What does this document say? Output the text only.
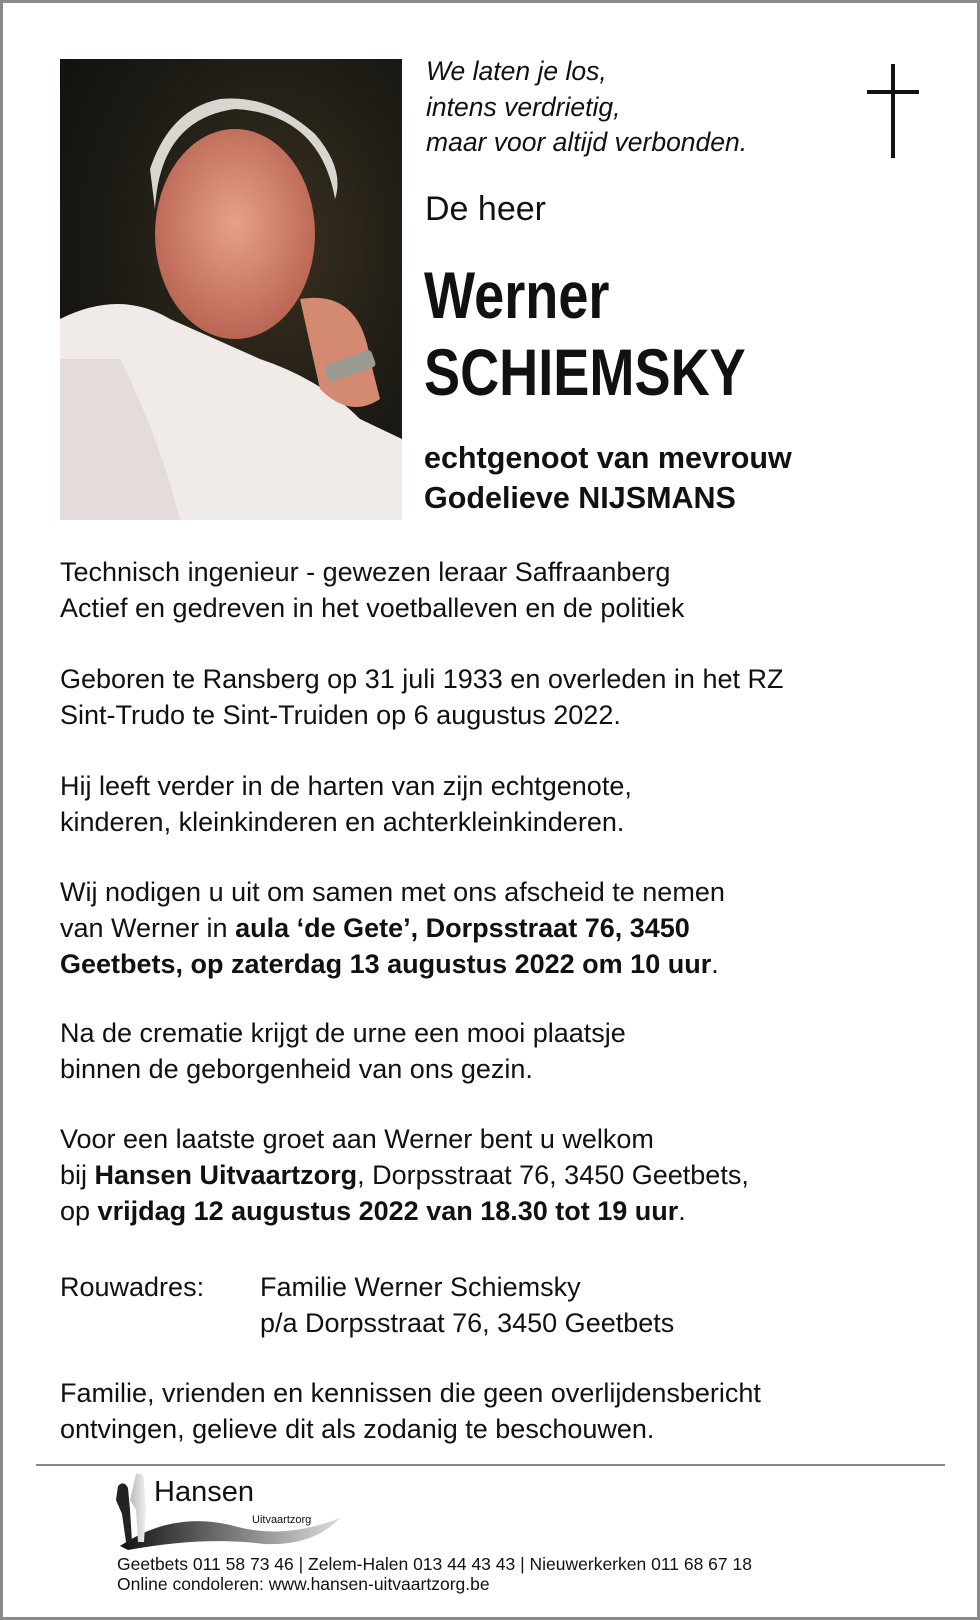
We laten je los,
intens verdrietig,
maar voor altijd verbonden.
De heer
Werner
SCHIEMSKY
echtgenoot van mevrouw
Godelieve NIJSMANS
Technisch ingenieur - gewezen leraar Saffraanberg
Actief en gedreven in het voetballeven en de politiek
Geboren te Ransberg op 31 juli 1933 en overleden in het RZ
Sint-Trudo te Sint-Truiden op 6 augustus 2022.
Hij leeft verder in de harten van zijn echtgenote,
kinderen, kleinkinderen en achterkleinkinderen.
Wij nodigen u uit om samen met ons afscheid te nemen
van Werner in aula ‘de Gete’, Dorpsstraat 76, 3450
Geetbets, op zaterdag 13 augustus 2022 om 10 uur.
Na de crematie krijgt de urne een mooi plaatsje
binnen de geborgenheid van ons gezin.
Voor een laatste groet aan Werner bent u welkom
bij Hansen Uitvaartzorg, Dorpsstraat 76, 3450 Geetbets,
op vrijdag 12 augustus 2022 van 18.30 tot 19 uur.
Rouwadres: Familie Werner Schiemsky
p/a Dorpsstraat 76, 3450 Geetbets
Familie, vrienden en kennissen die geen overlijdensbericht
ontvingen, gelieve dit als zodanig te beschouwen.
Hansen
Uitvaartzorg
Geetbets 011 58 73 46 | Zelem-Halen 013 44 43 43 | Nieuwerkerken 011 68 67 18
Online condoleren: www.hansen-uitvaartzorg.be
